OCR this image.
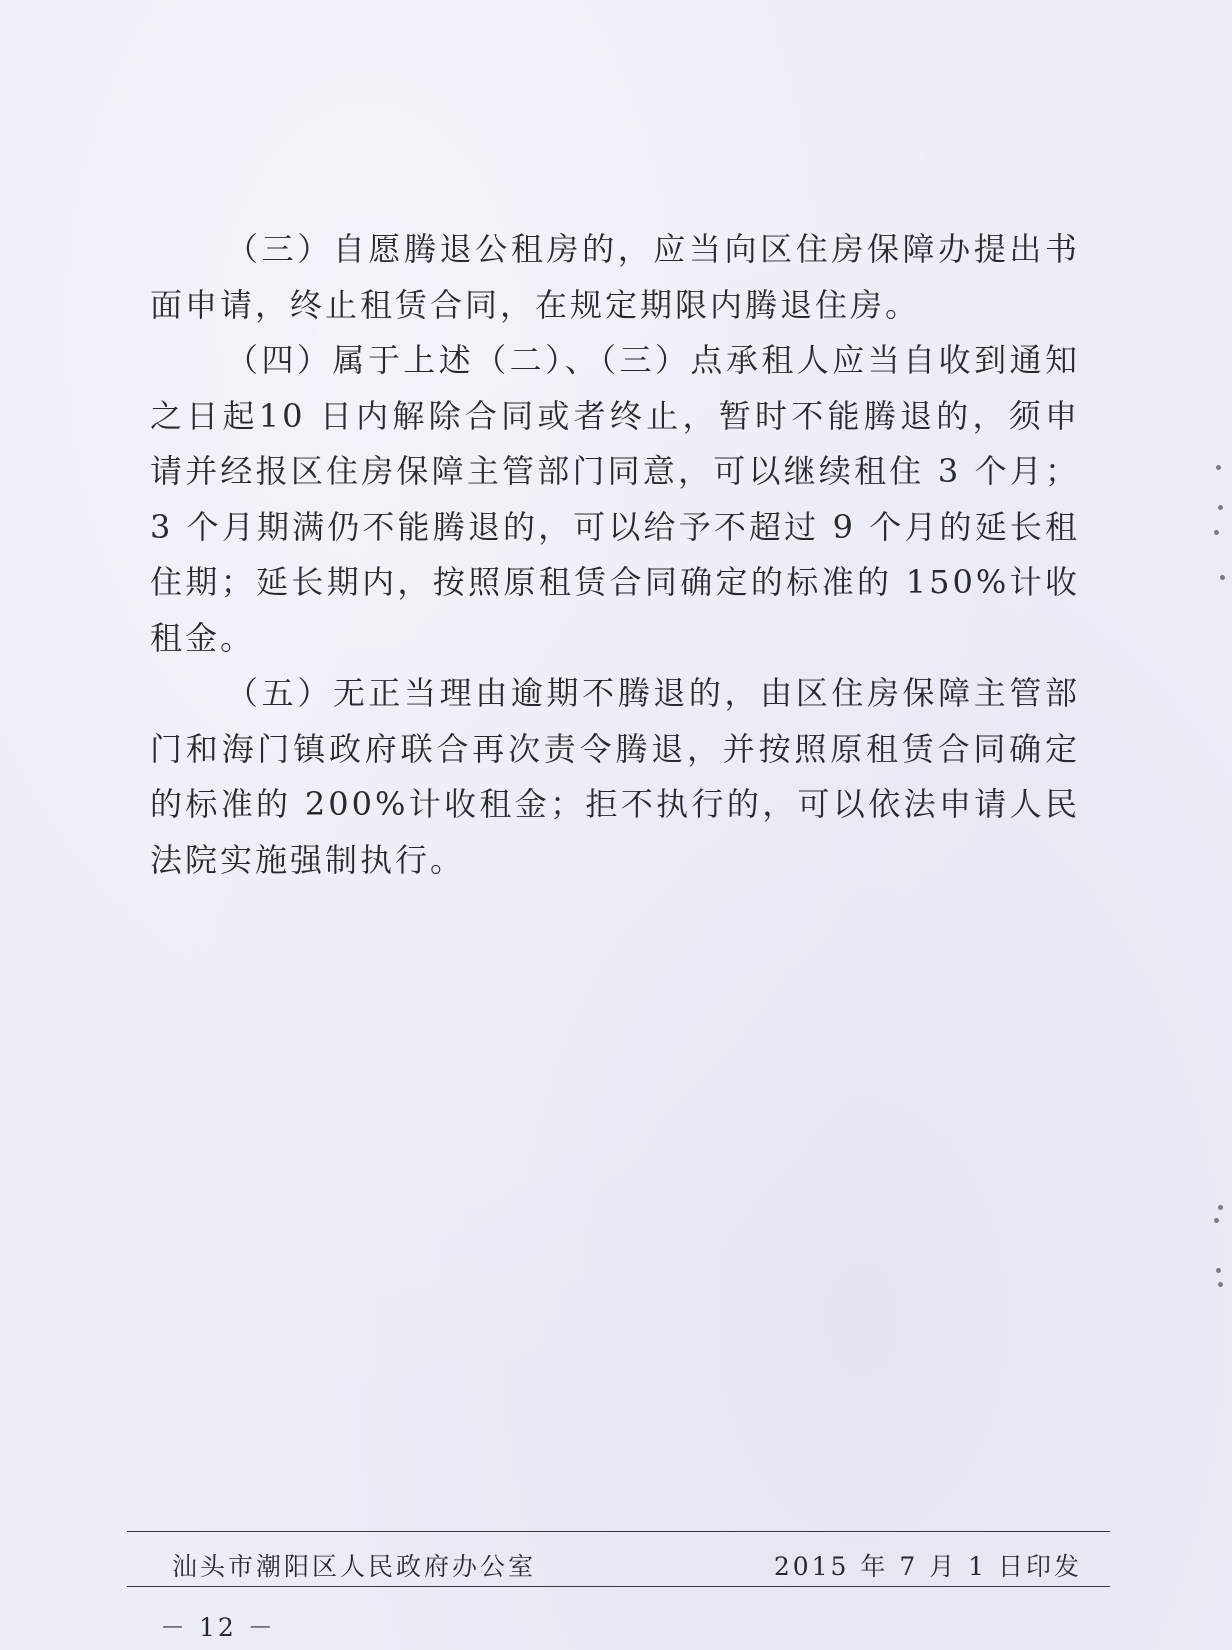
（三）自愿腾退公租房的，应当向区住房保障办提出书面申请，终止租赁合同，在规定期限内腾退住房。

（四）属于上述（二）、（三）点承租人应当自收到通知之日起10 日内解除合同或者终止，暂时不能腾退的，须申请并经报区住房保障主管部门同意，可以继续租住 3 个月；3 个月期满仍不能腾退的，可以给予不超过 9 个月的延长租住期；延长期内，按照原租赁合同确定的标准的 150%计收租金。

（五）无正当理由逾期不腾退的，由区住房保障主管部门和海门镇政府联合再次责令腾退，并按照原租赁合同确定的标准的 200%计收租金；拒不执行的，可以依法申请人民法院实施强制执行。

汕头市潮阳区人民政府办公室	2015 年 7 月 1 日印发
－ 12 －
